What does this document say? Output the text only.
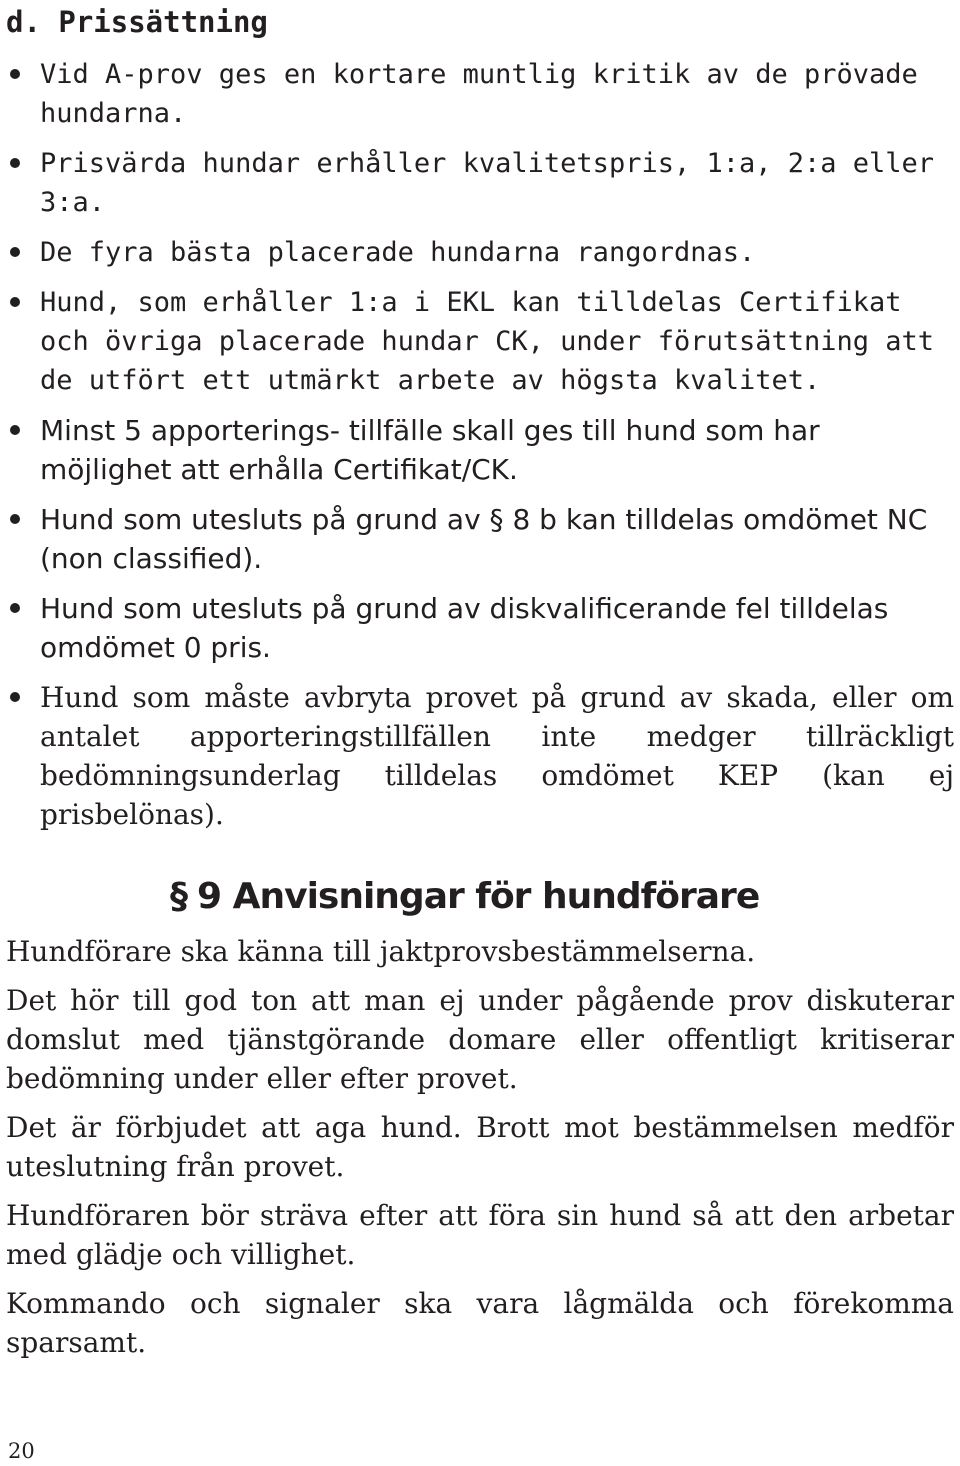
d. Prissättning
Vid A-prov ges en kortare muntlig kritik av de prövade hundarna.
Prisvärda hundar erhåller kvalitetspris, 1:a, 2:a eller 3:a.
De fyra bästa placerade hundarna rangordnas.
Hund, som erhåller 1:a i EKL kan tilldelas Certifikat och övriga placerade hundar CK, under förutsättning att de utfört ett utmärkt arbete av högsta kvalitet.
Minst 5 apporterings- tillfälle skall ges till hund som har möjlighet att erhålla Certifikat/CK.
Hund som utesluts på grund av § 8 b kan tilldelas omdömet NC (non classified).
Hund som utesluts på grund av diskvalificerande fel tilldelas omdömet 0 pris.
Hund som måste avbryta provet på grund av skada, eller om antalet apporteringstillfällen inte medger tillräckligt bedömningsunderlag tilldelas omdömet KEP (kan ej prisbelönas).
§ 9 Anvisningar för hundförare

Hundförare ska känna till jaktprovsbestämmelserna.

Det hör till god ton att man ej under pågående prov diskuterar domslut med tjänstgörande domare eller offentligt kritiserar bedömning under eller efter provet.

Det är förbjudet att aga hund. Brott mot bestämmelsen medför uteslutning från provet.

Hundföraren bör sträva efter att föra sin hund så att den arbetar med glädje och villighet.

Kommando och signaler ska vara lågmälda och förekomma sparsamt.

20
